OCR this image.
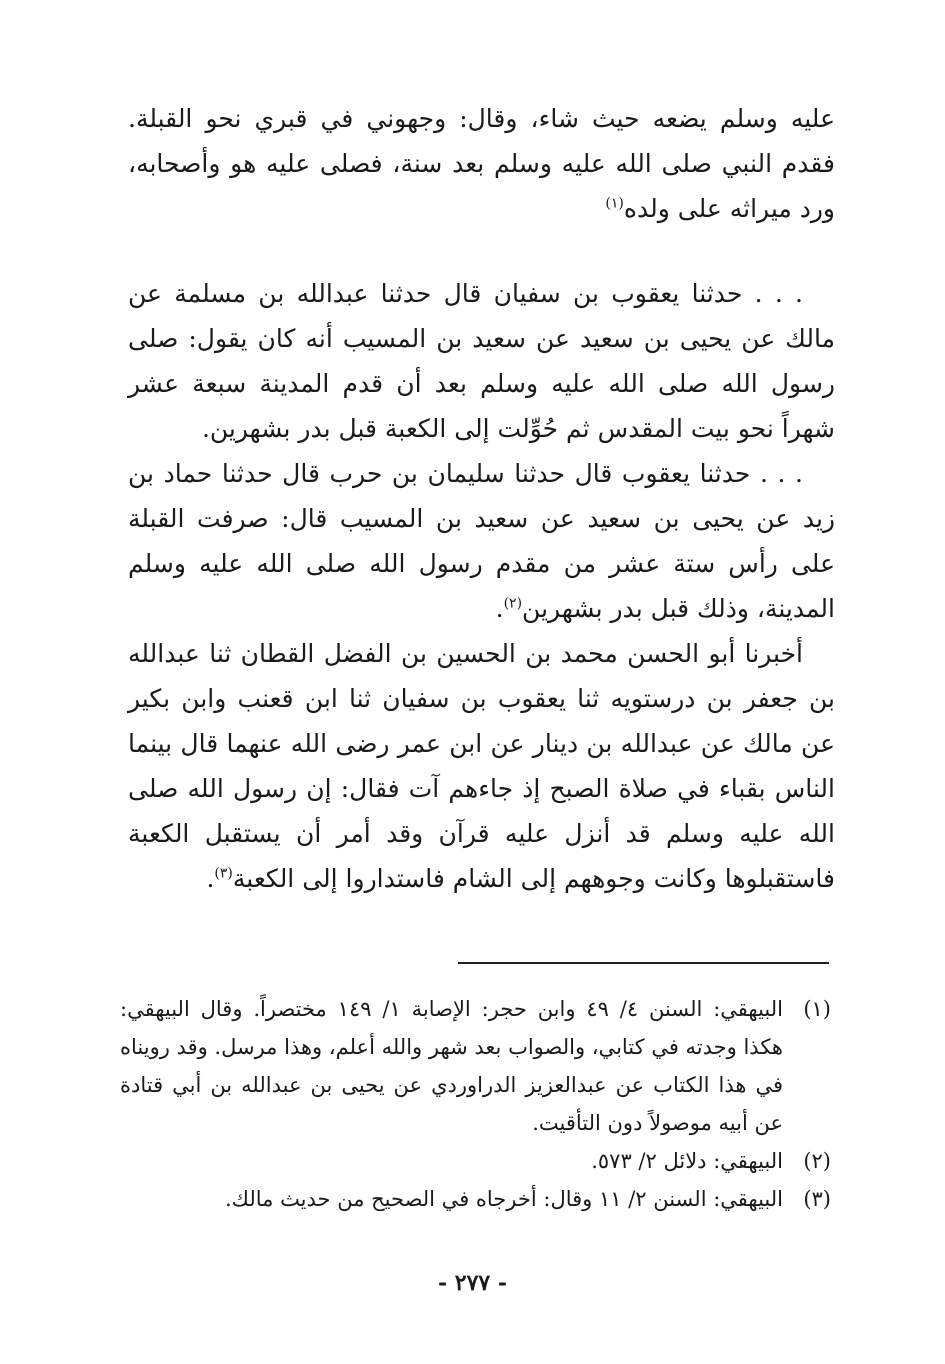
عليه وسلم يضعه حيث شاء، وقال: وجهوني في قبري نحو القبلة. فقدم النبي صلى الله عليه وسلم بعد سنة، فصلى عليه هو وأصحابه، ورد ميراثه على ولده$^{(١)}$

. . . حدثنا يعقوب بن سفيان قال حدثنا عبدالله بن مسلمة عن مالك عن يحيى بن سعيد عن سعيد بن المسيب أنه كان يقول: صلى رسول الله صلى الله عليه وسلم بعد أن قدم المدينة سبعة عشر شهراً نحو بيت المقدس ثم حُوِّلت إلى الكعبة قبل بدر بشهرين.

. . . حدثنا يعقوب قال حدثنا سليمان بن حرب قال حدثنا حماد بن زيد عن يحيى بن سعيد عن سعيد بن المسيب قال: صرفت القبلة على رأس ستة عشر من مقدم رسول الله صلى الله عليه وسلم المدينة، وذلك قبل بدر بشهرين$^{(٢)}$.

أخبرنا أبو الحسن محمد بن الحسين بن الفضل القطان ثنا عبدالله بن جعفر بن درستويه ثنا يعقوب بن سفيان ثنا ابن قعنب وابن بكير عن مالك عن عبدالله بن دينار عن ابن عمر رضى الله عنهما قال بينما الناس بقباء في صلاة الصبح إذ جاءهم آت فقال: إن رسول الله صلى الله عليه وسلم قد أنزل عليه قرآن وقد أمر أن يستقبل الكعبة فاستقبلوها وكانت وجوههم إلى الشام فاستداروا إلى الكعبة$^{(٣)}$.

(١)
البيهقي: السنن ٤/ ٤٩ وابن حجر: الإصابة ١/ ١٤٩ مختصراً. وقال البيهقي: هكذا وجدته في كتابي، والصواب بعد شهر والله أعلم، وهذا مرسل. وقد رويناه في هذا الكتاب عن عبدالعزيز الدراوردي عن يحيى بن عبدالله بن أبي قتادة عن أبيه موصولاً دون التأقيت.
(٢)
البيهقي: دلائل ٢/ ٥٧٣.
(٣)
البيهقي: السنن ٢/ ١١ وقال: أخرجاه في الصحيح من حديث مالك.
- ٢٧٧ -
